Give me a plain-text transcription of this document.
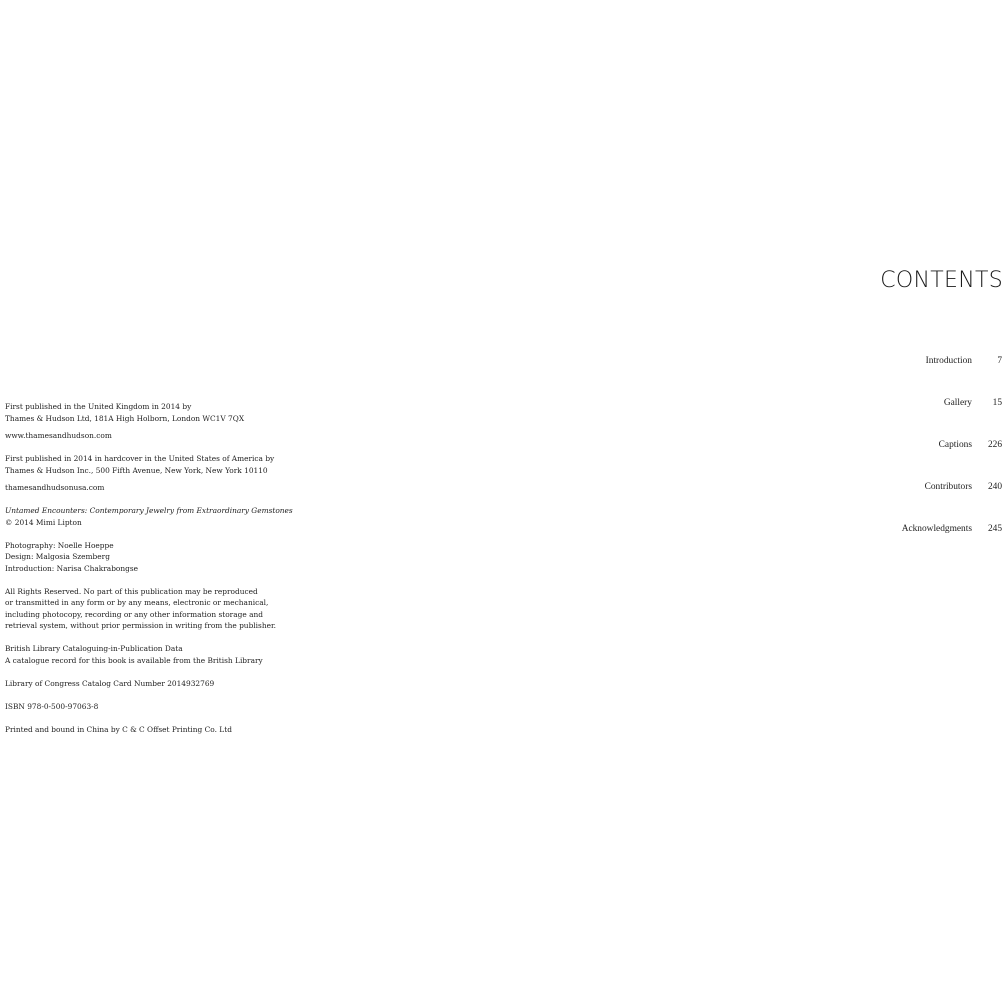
First published in the United Kingdom in 2014 by
Thames & Hudson Ltd, 181A High Holborn, London WC1V 7QX
www.thamesandhudson.com
First published in 2014 in hardcover in the United States of America by
Thames & Hudson Inc., 500 Fifth Avenue, New York, New York 10110
thamesandhudsonusa.com
Untamed Encounters: Contemporary Jewelry from Extraordinary Gemstones
© 2014 Mimi Lipton
Photography: Noelle Hoeppe
Design: Malgosia Szemberg
Introduction: Narisa Chakrabongse
All Rights Reserved. No part of this publication may be reproduced
or transmitted in any form or by any means, electronic or mechanical,
including photocopy, recording or any other information storage and
retrieval system, without prior permission in writing from the publisher.
British Library Cataloguing-in-Publication Data
A catalogue record for this book is available from the British Library
Library of Congress Catalog Card Number 2014932769
ISBN 978-0-500-97063-8
Printed and bound in China by C & C Offset Printing Co. Ltd
CONTENTS
Introduction	7
Gallery	15
Captions	226
Contributors	240
Acknowledgments	245
